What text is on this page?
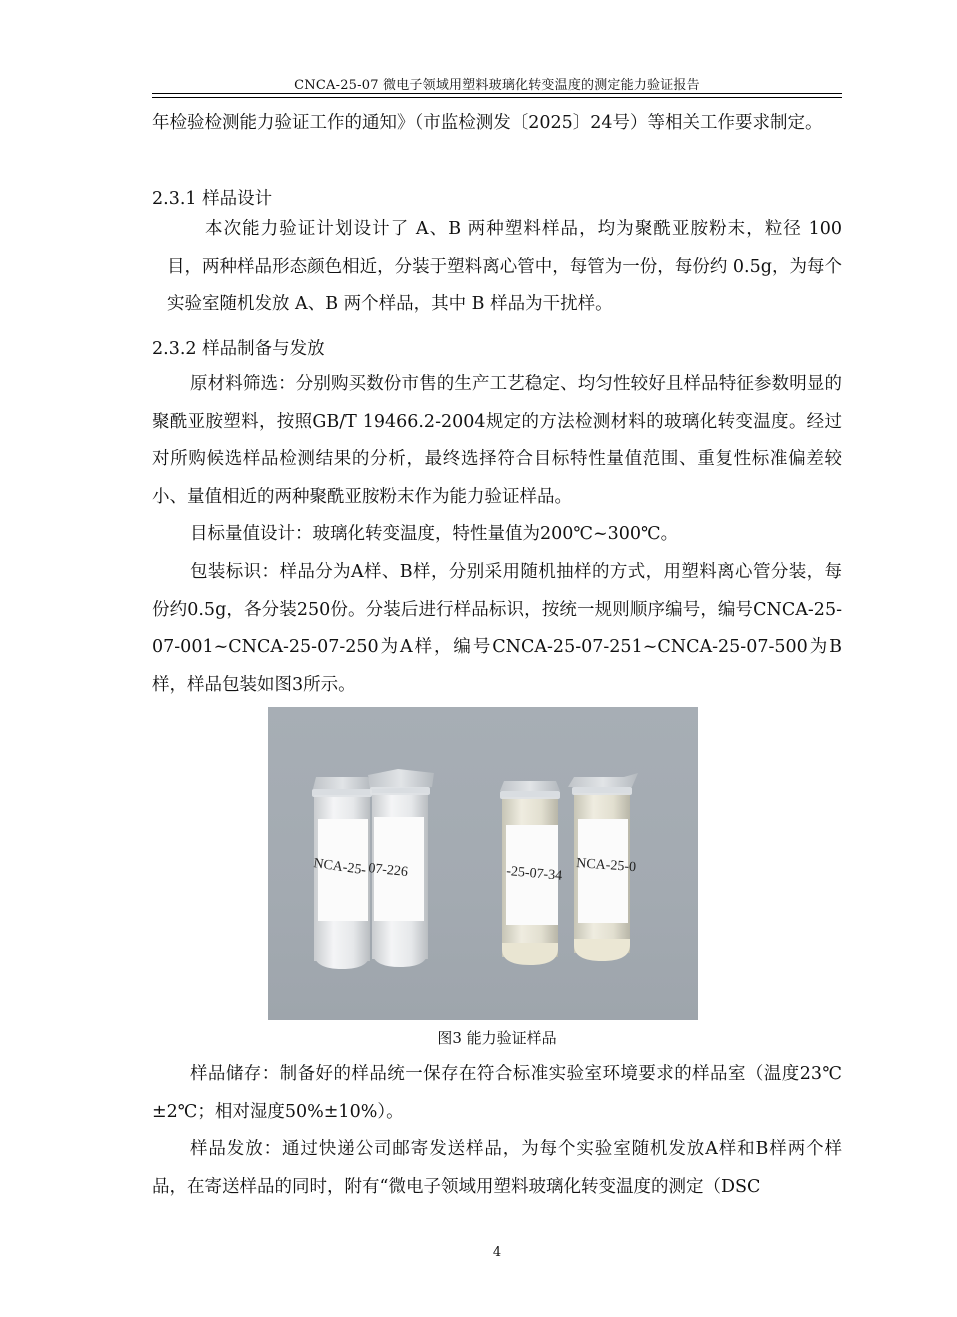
CNCA-25-07 微电子领域用塑料玻璃化转变温度的测定能力验证报告

年检验检测能力验证工作的通知》（市监检测发〔2025〕24号）等相关工作要求制定。

2.3.1 样品设计

本次能力验证计划设计了 A、B 两种塑料样品，均为聚酰亚胺粉末，粒径 100 目，两种样品形态颜色相近，分装于塑料离心管中，每管为一份，每份约 0.5g，为每个实验室随机发放 A、B 两个样品，其中 B 样品为干扰样。

2.3.2 样品制备与发放

原材料筛选：分别购买数份市售的生产工艺稳定、均匀性较好且样品特征参数明显的聚酰亚胺塑料，按照GB/T 19466.2-2004规定的方法检测材料的玻璃化转变温度。经过对所购候选样品检测结果的分析，最终选择符合目标特性量值范围、重复性标准偏差较小、量值相近的两种聚酰亚胺粉末作为能力验证样品。

目标量值设计：玻璃化转变温度，特性量值为200℃~300℃。

包装标识：样品分为A样、B样，分别采用随机抽样的方式，用塑料离心管分装，每份约0.5g，各分装250份。分装后进行样品标识，按统一规则顺序编号，编号CNCA-25-07-001~CNCA-25-07-250为A样，编号CNCA-25-07-251~CNCA-25-07-500为B样，样品包装如图3所示。

NCA-25- 07-226	-25-07-34 NCA-25-0
图3 能力验证样品

样品储存：制备好的样品统一保存在符合标准实验室环境要求的样品室（温度23℃±2℃；相对湿度50%±10%）。

样品发放：通过快递公司邮寄发送样品，为每个实验室随机发放A样和B样两个样品，在寄送样品的同时，附有“微电子领域用塑料玻璃化转变温度的测定（DSC

4
